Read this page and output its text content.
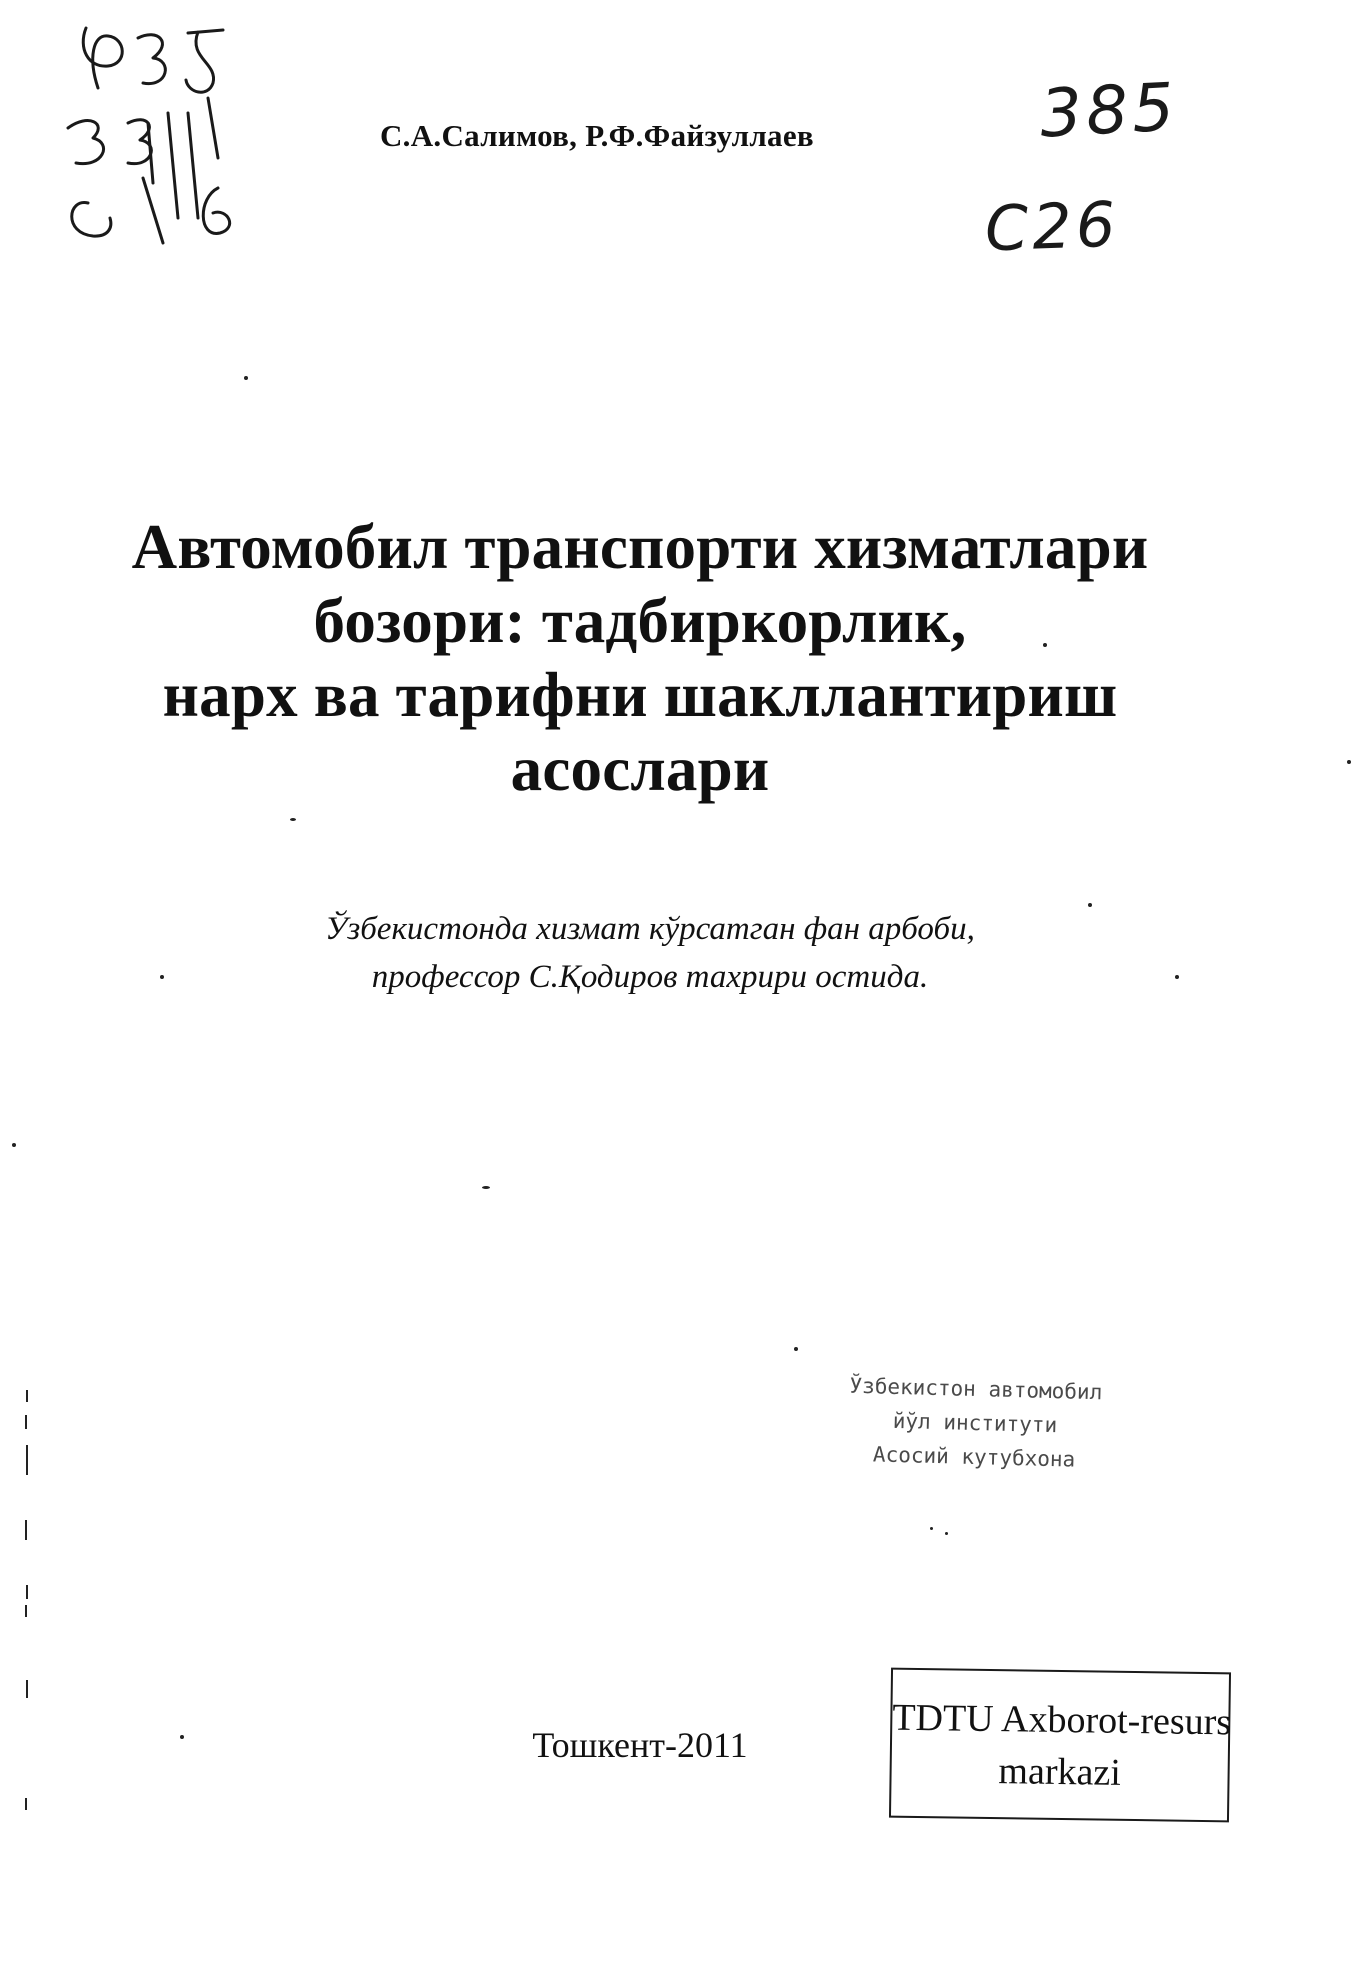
385
С26
С.А.Салимов, Р.Ф.Файзуллаев
Автомобил транспорти хизматлари
бозори: тадбиркорлик,
нарх ва тарифни шакллантириш
асослари
Ўзбекистонда хизмат кўрсатган фан арбоби,
профессор С.Қодиров тахрири остида.
Ўзбекистон автомобил
йўл институти
Асосий кутубхона
Тошкент-2011
TDTU Axborot-resurs
markazi
